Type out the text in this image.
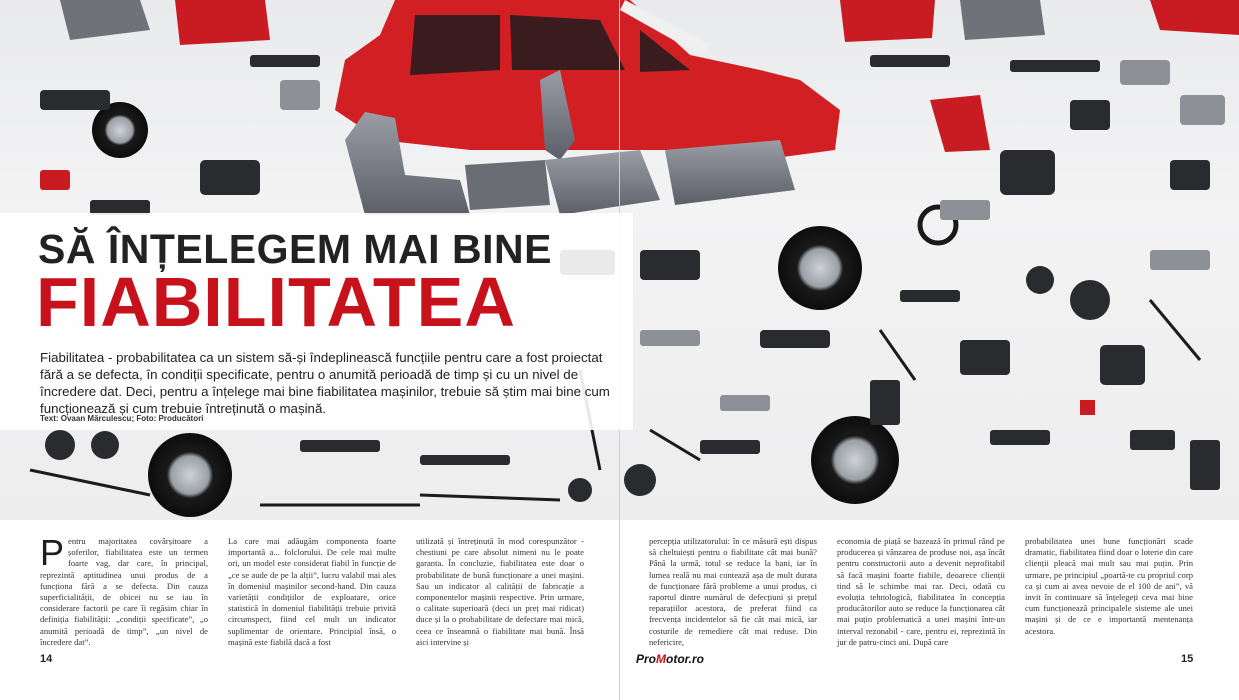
SĂ ÎNȚELEGEM MAI BINE
FIABILITATEA

Fiabilitatea - probabilitatea ca un sistem să-și îndeplinească funcțiile pentru care a fost proiectat fără a se defecta, în condiții specificate, pentru o anumită perioadă de timp și cu un nivel de încredere dat. Deci, pentru a înțelege mai bine fiabilitatea mașinilor, trebuie să știm mai bine cum funcționează și cum trebuie întreținută o mașină.

Text: Ovaan Mărculescu; Foto: Producători

Pentru majoritatea covârșitoare a șoferilor, fiabilitatea este un termen foarte vag, dar care, în principal, reprezintă aptitudinea unui produs de a funcționa fără a se defecta. Din cauza superficialității, de obicei nu se iau în considerare factorii pe care îi regăsim chiar în definiția fiabilității: „condiții specificate”, „o anumită perioadă de timp”, „un nivel de încredere dat”.

La care mai adăugăm componenta foarte importantă a... folclorului. De cele mai multe ori, un model este considerat fiabil în funcție de „ce se aude de pe la alții”, lucru valabil mai ales în domeniul mașinilor second-hand. Din cauza varietății condițiilor de exploatare, orice statistică în domeniul fiabilității trebuie privită circumspect, fiind cel mult un indicator suplimentar de orientare. Principial însă, o mașină este fiabilă dacă a fost

utilizată și întreținută în mod corespunzător - chestiuni pe care absolut nimeni nu le poate garanta. În concluzie, fiabilitatea este doar o probabilitate de bună funcționare a unei mașini. Sau un indicator al calității de fabricație a componentelor mașinii respective. Prin urmare, o calitate superioară (deci un preț mai ridicat) duce și la o probabilitate de defectare mai mică, ceea ce înseamnă o fiabilitate mai bună. Însă aici intervine și

percepția utilizatorului: în ce măsură ești dispus să cheltuiești pentru o fiabilitate cât mai bună? Până la urmă, totul se reduce la bani, iar în lumea reală nu mai contează așa de mult durata de funcționare fără probleme a unui produs, ci raportul dintre numărul de defecțiuni și prețul reparațiilor acestora, de preferat fiind ca frecvența incidentelor să fie cât mai mică, iar costurile de remediere cât mai reduse. Din nefericire,

economia de piață se bazează în primul rând pe producerea și vânzarea de produse noi, așa încât pentru constructorii auto a devenit neprofitabil să facă mașini foarte fiabile, deoarece clienții tind să le schimbe mai rar. Deci, odată cu evoluția tehnologică, fiabilitatea în concepția producătorilor auto se reduce la funcționarea cât mai puțin problematică a unei mașini într-un interval rezonabil - care, pentru ei, reprezintă în jur de patru-cinci ani. După care

probabilitatea unei bune funcționări scade dramatic, fiabilitatea fiind doar o loterie din care clienții pleacă mai mult sau mai puțin. Prin urmare, pe principiul „poartă-te cu propriul corp ca și cum ai avea nevoie de el 100 de ani”, vă invit în continuare să înțelegeți ceva mai bine cum funcționează principalele sisteme ale unei mașini și de ce e importantă mentenanța acestora.

14	ProMotor.ro	15
